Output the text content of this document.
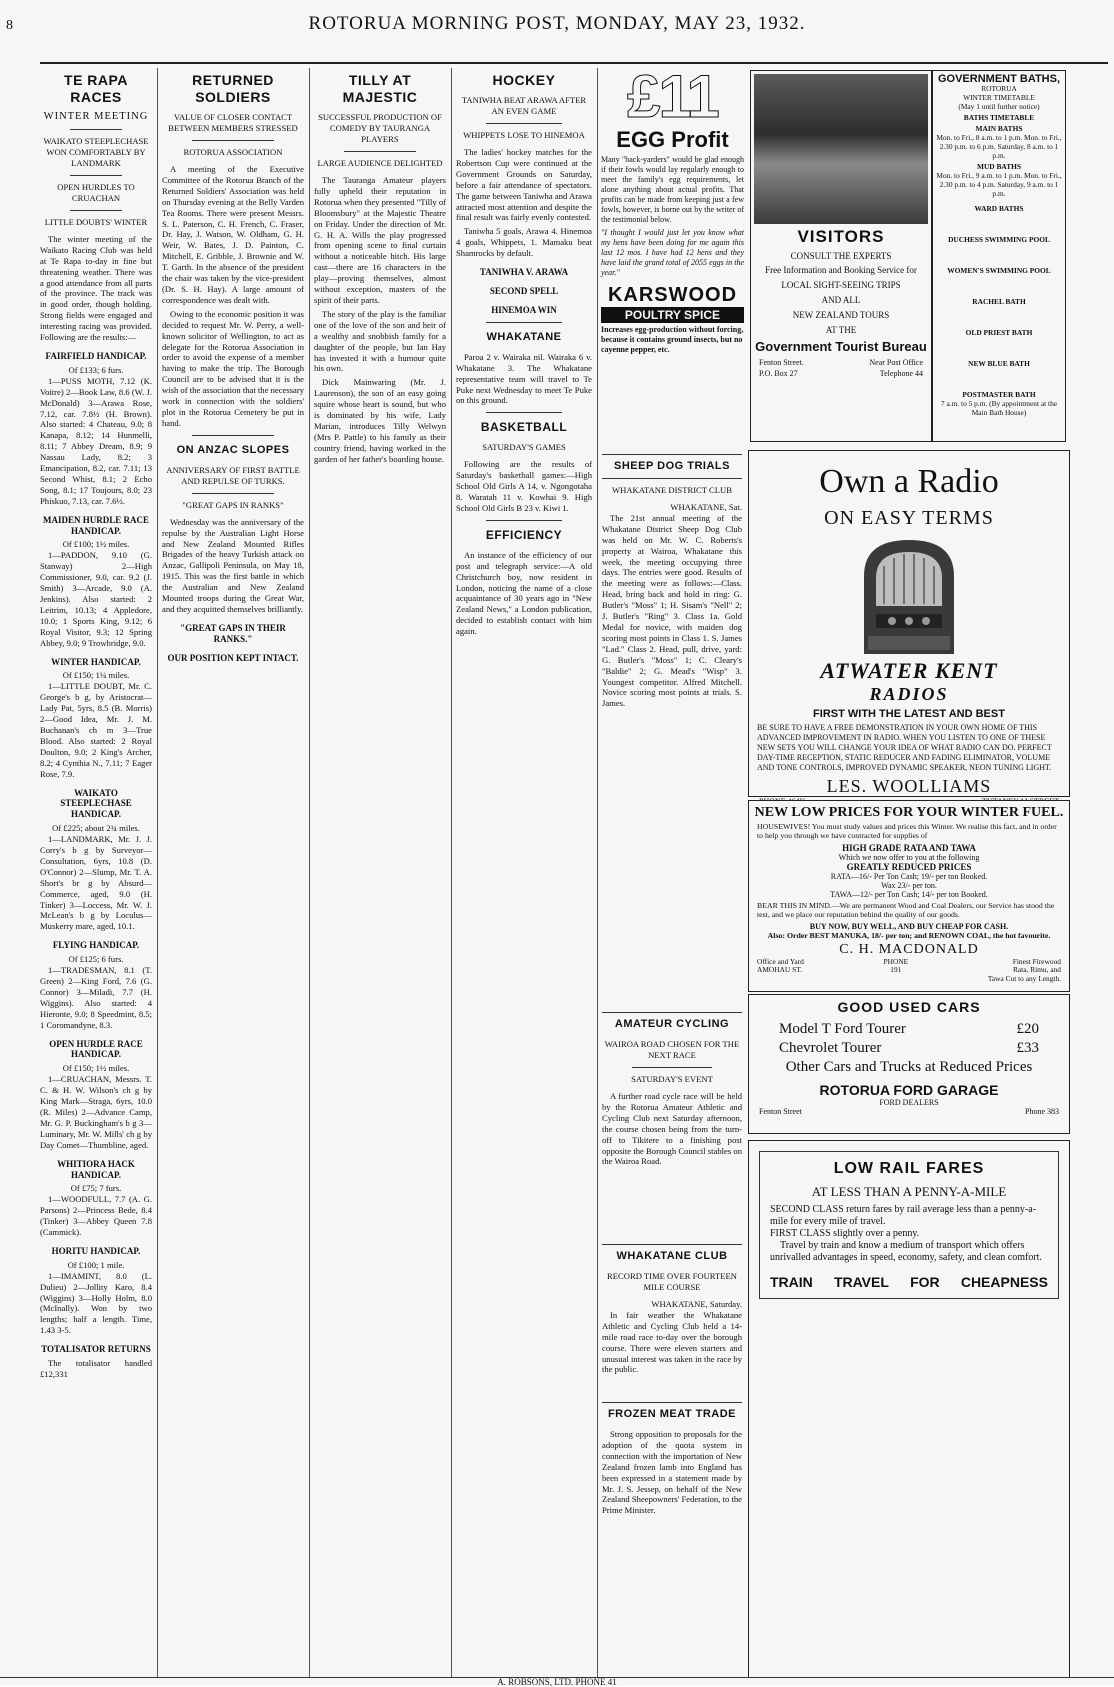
8	ROTORUA MORNING POST, MONDAY, MAY 23, 1932.
TE RAPA RACES
WINTER MEETING
WAIKATO STEEPLECHASE WON COMFORTABLY BY LANDMARK
OPEN HURDLES TO CRUACHAN
LITTLE DOUBTS' WINTER

The winter meeting of the Waikato Racing Club was held at Te Rapa to-day in fine but threatening weather. There was a good attendance from all parts of the province. The track was in good order, though holding. Strong fields were engaged and interesting racing was provided. Following are the results:—

FAIRFIELD HANDICAP.
Of £133; 6 furs.

1—PUSS MOTH, 7.12 (K. Voitre) 2—Book Law, 8.6 (W. J. McDonald) 3—Arawa Rose, 7.12, car. 7.8½ (H. Brown). Also started: 4 Chateau, 9.0; 8 Kanapa, 8.12; 14 Hunmelli, 8.11; 7 Abbey Dream, 8.9; 9 Nassau Lady, 8.2; 3 Emancipation, 8.2, car. 7.11; 13 Second Whist, 8.1; 2 Echo Song, 8.1; 17 Toujours, 8.0; 23 Phiskuo, 7.13, car. 7.6½.

MAIDEN HURDLE RACE HANDICAP.
Of £100; 1½ miles.

1—PADDON, 9.10 (G. Stanway) 2—High Commissioner, 9.0, car. 9.2 (J. Smith) 3—Arcade, 9.0 (A. Jenkins). Also started: 2 Leitrim, 10.13; 4 Appledore, 10.0; 1 Sports King, 9.12; 6 Royal Visitor, 9.3; 12 Spring Abbey, 9.0; 9 Trowbridge, 9.0.

WINTER HANDICAP.
Of £150; 1¼ miles.

1—LITTLE DOUBT, Mr. C. George's b g, by Aristocrat—Lady Pat, 5yrs, 8.5 (B. Morris) 2—Good Idea, Mr. J. M. Buchanan's ch m 3—True Blood. Also started: 2 Royal Doulton, 9.0; 2 King's Archer, 8.2; 4 Cynthia N., 7.11; 7 Eager Rose, 7.9.

WAIKATO STEEPLECHASE HANDICAP.
Of £225; about 2¾ miles.

1—LANDMARK, Mr. J. J. Corry's b g by Surveyor—Consultation, 6yrs, 10.8 (D. O'Connor) 2—Slump, Mr. T. A. Short's br g by Absurd—Commerce, aged, 9.0 (H. Tinker) 3—Loccess, Mr. W. J. McLean's b g by Loculus—Muskerry mare, aged, 10.1.

FLYING HANDICAP.
Of £125; 6 furs.

1—TRADESMAN, 8.1 (T. Green) 2—King Ford, 7.6 (G. Connor) 3—Miladi, 7.7 (H. Wiggins). Also started: 4 Hieronte, 9.0; 8 Speedmint, 8.5; 1 Coromandyne, 8.3.

OPEN HURDLE RACE HANDICAP.
Of £150; 1½ miles.

1—CRUACHAN, Messrs. T. C. & H. W. Wilson's ch g by King Mark—Straga, 6yrs, 10.0 (R. Miles) 2—Advance Camp, Mr. G. P. Buckingham's b g 3—Luminary, Mr. W. Mills' ch g by Day Comet—Thumbline, aged.

WHITIORA HACK HANDICAP.
Of £75; 7 furs.

1—WOODFULL, 7.7 (A. G. Parsons) 2—Princess Bede, 8.4 (Tinker) 3—Abbey Queen 7.8 (Cammick).

HORITU HANDICAP.
Of £100; 1 mile.

1—IMAMINT, 8.0 (L. Dulieu) 2—Jollity Karo, 8.4 (Wiggins) 3—Holly Holm, 8.0 (McInally). Won by two lengths; half a length. Time, 1.43 3-5.

TOTALISATOR RETURNS

The totalisator handled £12,331

RETURNED SOLDIERS
VALUE OF CLOSER CONTACT BETWEEN MEMBERS STRESSED
ROTORUA ASSOCIATION

A meeting of the Executive Committee of the Rotorua Branch of the Returned Soldiers' Association was held on Thursday evening at the Belly Varden Tea Rooms. There were present Messrs. S. L. Paterson, C. H. French, C. Fraser, Dr. Hay, J. Watson, W. Oldham, G. H. Weir, W. Bates, J. D. Painton, C. Mitchell, E. Gribble, J. Brownie and W. T. Garth. In the absence of the president the chair was taken by the vice-president (Dr. S. H. Hay). A large amount of correspondence was dealt with.

Owing to the economic position it was decided to request Mr. W. Perry, a well-known solicitor of Wellington, to act as delegate for the Rotorua Association in order to avoid the expense of a member having to make the trip. The Borough Council are to be advised that it is the wish of the association that the necessary work in connection with the soldiers' plot in the Rotorua Cemetery be put in hand.

ON ANZAC SLOPES
ANNIVERSARY OF FIRST BATTLE AND REPULSE OF TURKS.
"GREAT GAPS IN RANKS"

Wednesday was the anniversary of the repulse by the Australian Light Horse and New Zealand Mounted Rifles Brigades of the heavy Turkish attack on Anzac, Gallipoli Peninsula, on May 18, 1915. This was the first battle in which the Australian and New Zealand Mounted troops during the Great War, and they acquitted themselves brilliantly.

"GREAT GAPS IN THEIR RANKS."
OUR POSITION KEPT INTACT.
TILLY AT MAJESTIC
SUCCESSFUL PRODUCTION OF COMEDY BY TAURANGA PLAYERS
LARGE AUDIENCE DELIGHTED

The Tauranga Amateur players fully upheld their reputation in Rotorua when they presented "Tilly of Bloomsbury" at the Majestic Theatre on Friday. Under the direction of Mr. G. H. A. Wills the play progressed from opening scene to final curtain without a noticeable hitch. His large cast—there are 16 characters in the play—proving themselves, almost without exception, masters of the spirit of their parts.

The story of the play is the familiar one of the love of the son and heir of a wealthy and snobbish family for a daughter of the people, but Ian Hay has invested it with a humour quite his own.

Dick Mainwaring (Mr. J. Laurenson), the son of an easy going squire whose heart is sound, but who is dominated by his wife, Lady Marian, introduces Tilly Welwyn (Mrs P. Pattle) to his family as their country friend, having worked in the garden of her father's boarding house.

HOCKEY
TANIWHA BEAT ARAWA AFTER AN EVEN GAME
WHIPPETS LOSE TO HINEMOA

The ladies' hockey matches for the Robertson Cup were continued at the Government Grounds on Saturday, before a fair attendance of spectators. The game between Taniwha and Arawa attracted most attention and despite the final result was fairly evenly contested.

Taniwha 5 goals, Arawa 4. Hinemoa 4 goals, Whippets, 1. Mamaku beat Shamrocks by default.

TANIWHA V. ARAWA
SECOND SPELL
HINEMOA WIN
WHAKATANE

Paroa 2 v. Wairaka nil. Wairaka 6 v. Whakatane 3. The Whakatane representative team will travel to Te Puke next Wednesday to meet Te Puke on this ground.

BASKETBALL
SATURDAY'S GAMES

Following are the results of Saturday's basketball games:—High School Old Girls A 14, v. Ngongotaha 8. Waratah 11 v. Kowhai 9. High School Old Girls B 23 v. Kiwi 1.

EFFICIENCY

An instance of the efficiency of our post and telegraph service:—A old Christchurch boy, now resident in London, noticing the name of a close acquaintance of 30 years ago in "New Zealand News," a London publication, decided to establish contact with him again.

£11
EGG Profit
Many "back-yarders" would be glad enough if their fowls would lay regularly enough to meet the family's egg requirements, let alone anything about actual profits. That profits can be made from keeping just a few fowls, however, is borne out by the writer of the testimonial below.
"I thought I would just let you know what my hens have been doing for me again this last 12 mos. I have had 12 hens and they have laid the grand total of 2055 eggs in the year."
KARSWOOD
POULTRY SPICE
Increases egg-production without forcing, because it contains ground insects, but no cayenne pepper, etc.
VISITORS
CONSULT THE EXPERTS
Free Information and Booking Service for
LOCAL SIGHT-SEEING TRIPS
AND ALL
NEW ZEALAND TOURS
AT THE
Government Tourist Bureau
Fenton Street.	Near Post Office
P.O. Box 27	Telephone 44
GOVERNMENT BATHS,
ROTORUA
WINTER TIMETABLE
(May 1 until further notice)
BATHS TIMETABLE
MAIN BATHS
Mon. to Fri., 8 a.m. to 1 p.m. Mon. to Fri., 2.30 p.m. to 6 p.m. Saturday, 8 a.m. to 1 p.m.
MUD BATHS
Mon. to Fri., 9 a.m. to 1 p.m. Mon. to Fri., 2.30 p.m. to 4 p.m. Saturday, 9 a.m. to 1 p.m.
WARD BATHS
DUCHESS SWIMMING POOL
WOMEN'S SWIMMING POOL
RACHEL BATH
OLD PRIEST BATH
NEW BLUE BATH
POSTMASTER BATH
7 a.m. to 5 p.m. (By appointment at the Main Bath House)
SHEEP DOG TRIALS
WHAKATANE DISTRICT CLUB
WHAKATANE, Sat.

The 21st annual meeting of the Whakatane District Sheep Dog Club was held on Mr. W. C. Roberts's property at Wairoa, Whakatane this week, the meeting occupying three days. The entries were good. Results of the meeting were as follows:—Class. Head, bring back and hold in ring: G. Butler's "Moss" 1; H. Sisam's "Nell" 2; J. Butler's "Ring" 3. Class 1a. Gold Medal for novice, with maiden dog scoring most points in Class 1. S. James "Lad." Class 2. Head, pull, drive, yard: G. Butler's "Moss" 1; C. Cleary's "Baldie" 2; G. Mead's "Wisp" 3. Youngest competitor. Alfred Mitchell. Novice scoring most points at trials. S. James.

AMATEUR CYCLING
WAIROA ROAD CHOSEN FOR THE NEXT RACE
SATURDAY'S EVENT

A further road cycle race will be held by the Rotorua Amateur Athletic and Cycling Club next Saturday afternoon, the course chosen being from the turn-off to Tikitere to a finishing post opposite the Borough Council stables on the Wairoa Road.

WHAKATANE CLUB
RECORD TIME OVER FOURTEEN MILE COURSE
WHAKATANE, Saturday.

In fair weather the Whakatane Athletic and Cycling Club held a 14-mile road race to-day over the borough course. There were eleven starters and unusual interest was taken in the race by the public.

FROZEN MEAT TRADE

Strong opposition to proposals for the adoption of the quota system in connection with the importation of New Zealand frozen lamb into England has been expressed in a statement made by Mr. J. S. Jessep, on behalf of the New Zealand Sheepowners' Federation, to the Prime Minister.

Own a Radio
ON EASY TERMS
ATWATER KENT
RADIOS
FIRST WITH THE LATEST AND BEST
BE SURE TO HAVE A FREE DEMONSTRATION IN YOUR OWN HOME OF THIS ADVANCED IMPROVEMENT IN RADIO. WHEN YOU LISTEN TO ONE OF THESE NEW SETS YOU WILL CHANGE YOUR IDEA OF WHAT RADIO CAN DO. PERFECT DAY-TIME RECEPTION, STATIC REDUCER AND FADING ELIMINATOR, VOLUME AND TONE CONTROLS, IMPROVED DYNAMIC SPEAKER, NEON TUNING LIGHT.
LES. WOOLLIAMS
NEW LOW PRICES FOR YOUR WINTER FUEL.
HOUSEWIVES! You must study values and prices this Winter. We realise this fact, and in order to help you through we have contracted for supplies of
HIGH GRADE RATA AND TAWA
Which we now offer to you at the following
GREATLY REDUCED PRICES
RATA—16/- Per Ton Cash; 19/- per ton Booked.
Wax 23/- per ton.
TAWA—12/- per Ton Cash; 14/- per ton Booked.
BEAR THIS IN MIND.—We are permanent Wood and Coal Dealers, our Service has stood the test, and we place our reputation behind the quality of our goods.
BUY NOW, BUY WELL, AND BUY CHEAP FOR CASH.
Also: Order BEST MANUKA, 18/- per ton; and RENOWN COAL, the hot favourite.
C. H. MACDONALD
Office and Yard
AMOHAU ST.
PHONE
191
Finest Firewood
Rata, Rimu, and
Tawa Cut to any Length.
GOOD USED CARS
Model T Ford Tourer	£20
Chevrolet Tourer	£33
Other Cars and Trucks at Reduced Prices
ROTORUA FORD GARAGE
FORD DEALERS
Fenton Street	Phone 383
LOW RAIL FARES
AT LESS THAN A PENNY-A-MILE
SECOND CLASS return fares by rail average less than a penny-a-mile for every mile of travel.
FIRST CLASS slightly over a penny.
Travel by train and know a medium of transport which offers unrivalled advantages in speed, economy, safety, and clean comfort.
TRAIN TRAVEL FOR CHEAPNESS
A. ROBSONS, LTD. PHONE 41
